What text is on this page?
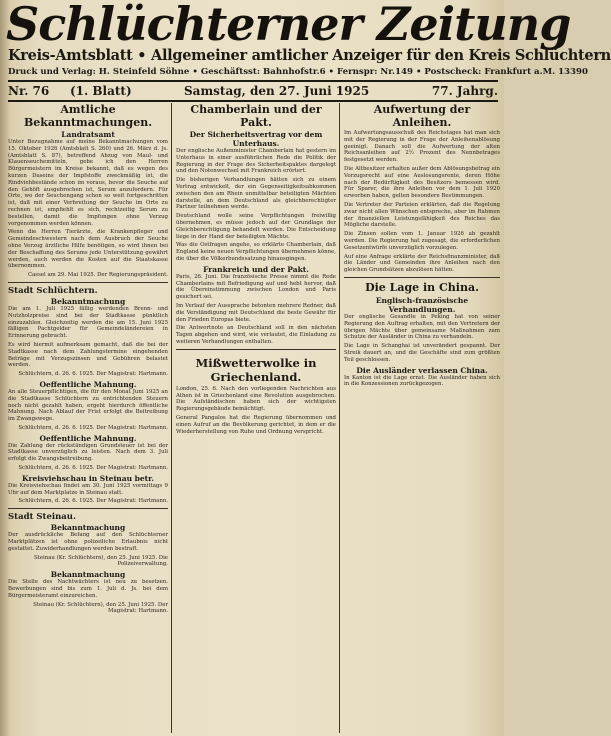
Schlüchterner Zeitung
Kreis-Amtsblatt • Allgemeiner amtlicher Anzeiger für den Kreis Schlüchtern
Druck und Verlag: H. Steinfeld Söhne • Geschäftsst: Bahnhofstr.6 • Fernspr: Nr.149 • Postscheck: Frankfurt a.M. 13390
Nr. 76 (1. Blatt)	Samstag, den 27. Juni 1925	77. Jahrg.
Amtliche Bekanntmachungen.
Landratsamt

Unter Bezugnahme auf meine Bekanntmachungen vom 15. Oktober 1926 (Amtsblatt S. 260) und 26. März d. Js. (Amtsblatt S. 87), betreffend Abzug von Maul- und Klauenseuchemitteln, gebe ich den Herren Bürgermeistern im Kreise bekannt, daß es wegen des kurzen Daseins der Impfstoffe zweckmäßig ist, die Rindviehbestände schon im voraus, bevor die Seuche auf den Gehöft ausgebrochen ist, Serum anzufordern. Für Orte, wo der Seuchengang schon so weit fortgeschritten ist, daß mit einer Verbreitung der Seuche im Orte zu rechnen ist, empfiehlt es sich, rechtzeitig Serum zu bestellen, damit die Impfungen ohne Verzug vorgenommen werden können.

Wenn die Herren Tierärzte, die Krankenpfleger und Gemeindeschwestern nach dem Ausbruch der Seuche ohne Verzug ärztliche Hilfe benötigen, so wird ihnen bei der Beschaffung des Serums jede Unterstützung gewährt werden, auch werden die Kosten auf die Staatskasse übernommen.

Cassel am 29. Mai 1925. Der Regierungspräsident.

Stadt Schlüchtern.
Bekanntmachung

Die am 1. Juli 1925 fällig werdenden Brenn- und Nutzholzpreise sind bei der Stadtkasse pünktlich einzuzahlen. Gleichzeitig werden die am 15. Juni 1925 fälligen Pachtgelder für Gemeindeländereien in Erinnerung gebracht.

Es wird hiermit aufmerksam gemacht, daß die bei der Stadtkasse nach dem Zahlungstermine eingehenden Beträge mit Verzugszinsen und Gebühren belastet werden.

Schlüchtern, d. 26. 6. 1925. Der Magistrat: Hartmann.

Oeffentliche Mahnung.

An alle Steuerpflichtigen, die für den Monat Juni 1925 an die Stadtkasse Schlüchtern zu entrichtenden Steuern noch nicht gezahlt haben, ergeht hierdurch öffentliche Mahnung. Nach Ablauf der Frist erfolgt die Beitreibung im Zwangswege.

Schlüchtern, d. 26. 6. 1925. Der Magistrat: Hartmann.

Oeffentliche Mahnung.

Die Zahlung der rückständigen Grundsteuer ist bei der Stadtkasse unverzüglich zu leisten. Nach dem 3. Juli erfolgt die Zwangsbeitreibung.

Schlüchtern, d. 26. 6. 1925. Der Magistrat: Hartmann.

Kreisviehschau in Steinau betr.

Die Kreisviehschau findet am 30. Juni 1925 vormittags 9 Uhr auf dem Marktplatze in Steinau statt.

Schlüchtern, d. 26. 6. 1925. Der Magistrat: Hartmann.

Stadt Steinau.
Bekanntmachung

Der ausdrückliche Befang auf den Schlüchterner Marktplätzen ist ohne polizeiliche Erlaubnis nicht gestattet. Zuwiderhandlungen werden bestraft.

Steinau (Kr. Schlüchtern), den 25. Juni 1925. Die Polizeiverwaltung.

Bekanntmachung

Die Stelle des Nachtwächters ist neu zu besetzen. Bewerbungen sind bis zum 1. Juli d. Js. bei dem Bürgermeisteramt einzureichen.

Steinau (Kr. Schlüchtern), den 25. Juni 1925. Der Magistrat: Hartmann.

Chamberlain und der Pakt.
Der Sicherheitsvertrag vor dem Unterhaus.

Der englische Außenminister Chamberlain hat gestern im Unterhaus in einer ausführlichen Rede die Politik der Regierung in der Frage des Sicherheitspaktes dargelegt und den Notenwechsel mit Frankreich erörtert.

Die bisherigen Verhandlungen hätten sich zu einem Vertrag entwickelt, der ein Gegenseitigkeitsabkommen zwischen den am Rhein unmittelbar beteiligten Mächten darstelle, an dem Deutschland als gleichberechtigter Partner teilnehmen werde.

Deutschland wolle seine Verpflichtungen freiwillig übernehmen, es müsse jedoch auf der Grundlage der Gleichberechtigung behandelt werden. Die Entscheidung liege in der Hand der beteiligten Mächte.

Was die Ostfragen angehe, so erklärte Chamberlain, daß England keine neuen Verpflichtungen übernehmen könne, die über die Völkerbundssatzung hinausgingen.

Frankreich und der Pakt.

Paris, 26. Juni. Die französische Presse nimmt die Rede Chamberlains mit Befriedigung auf und hebt hervor, daß die Übereinstimmung zwischen London und Paris gesichert sei.

Im Verlauf der Aussprache betonten mehrere Redner, daß die Verständigung mit Deutschland die beste Gewähr für den Frieden Europas biete.

Die Antwortnote an Deutschland soll in den nächsten Tagen abgehen und wird, wie verlautet, die Einladung zu weiteren Verhandlungen enthalten.

Mißwetterwolke in Griechenland.

London, 25. 6. Nach den vorliegenden Nachrichten aus Athen ist in Griechenland eine Revolution ausgebrochen. Die Aufständischen haben sich der wichtigsten Regierungsgebäude bemächtigt.

General Pangalos hat die Regierung übernommen und einen Aufruf an die Bevölkerung gerichtet, in dem er die Wiederherstellung von Ruhe und Ordnung verspricht.

Aufwertung der Anleihen.

Im Aufwertungsausschuß des Reichstages hat man sich mit der Regierung in der Frage der Anleihenablösung geeinigt. Danach soll die Aufwertung der alten Reichsanleihen auf 2½ Prozent des Nennbetrages festgesetzt werden.

Die Altbesitzer erhalten außer dem Ablösungsbetrag ein Vorzugsrecht auf eine Auslosungsrente, deren Höhe nach der Bedürftigkeit des Besitzers bemessen wird. Für Sparer, die ihre Anleihen vor dem 1. Juli 1920 erworben haben, gelten besondere Bestimmungen.

Die Vertreter der Parteien erklärten, daß die Regelung zwar nicht allen Wünschen entspreche, aber im Rahmen der finanziellen Leistungsfähigkeit des Reiches das Mögliche darstelle.

Die Zinsen sollen vom 1. Januar 1926 ab gezahlt werden. Die Regierung hat zugesagt, die erforderlichen Gesetzentwürfe unverzüglich vorzulegen.

Auf eine Anfrage erklärte der Reichsfinanzminister, daß die Länder und Gemeinden ihre Anleihen nach den gleichen Grundsätzen abzulösen hätten.

Die Lage in China.
Englisch-französische Verhandlungen.

Der englische Gesandte in Peking hat von seiner Regierung den Auftrag erhalten, mit den Vertretern der übrigen Mächte über gemeinsame Maßnahmen zum Schutze der Ausländer in China zu verhandeln.

Die Lage in Schanghai ist unverändert gespannt. Der Streik dauert an, und die Geschäfte sind zum größten Teil geschlossen.

Die Ausländer verlassen China.

In Kanton ist die Lage ernst. Die Ausländer haben sich in die Konzessionen zurückgezogen.
